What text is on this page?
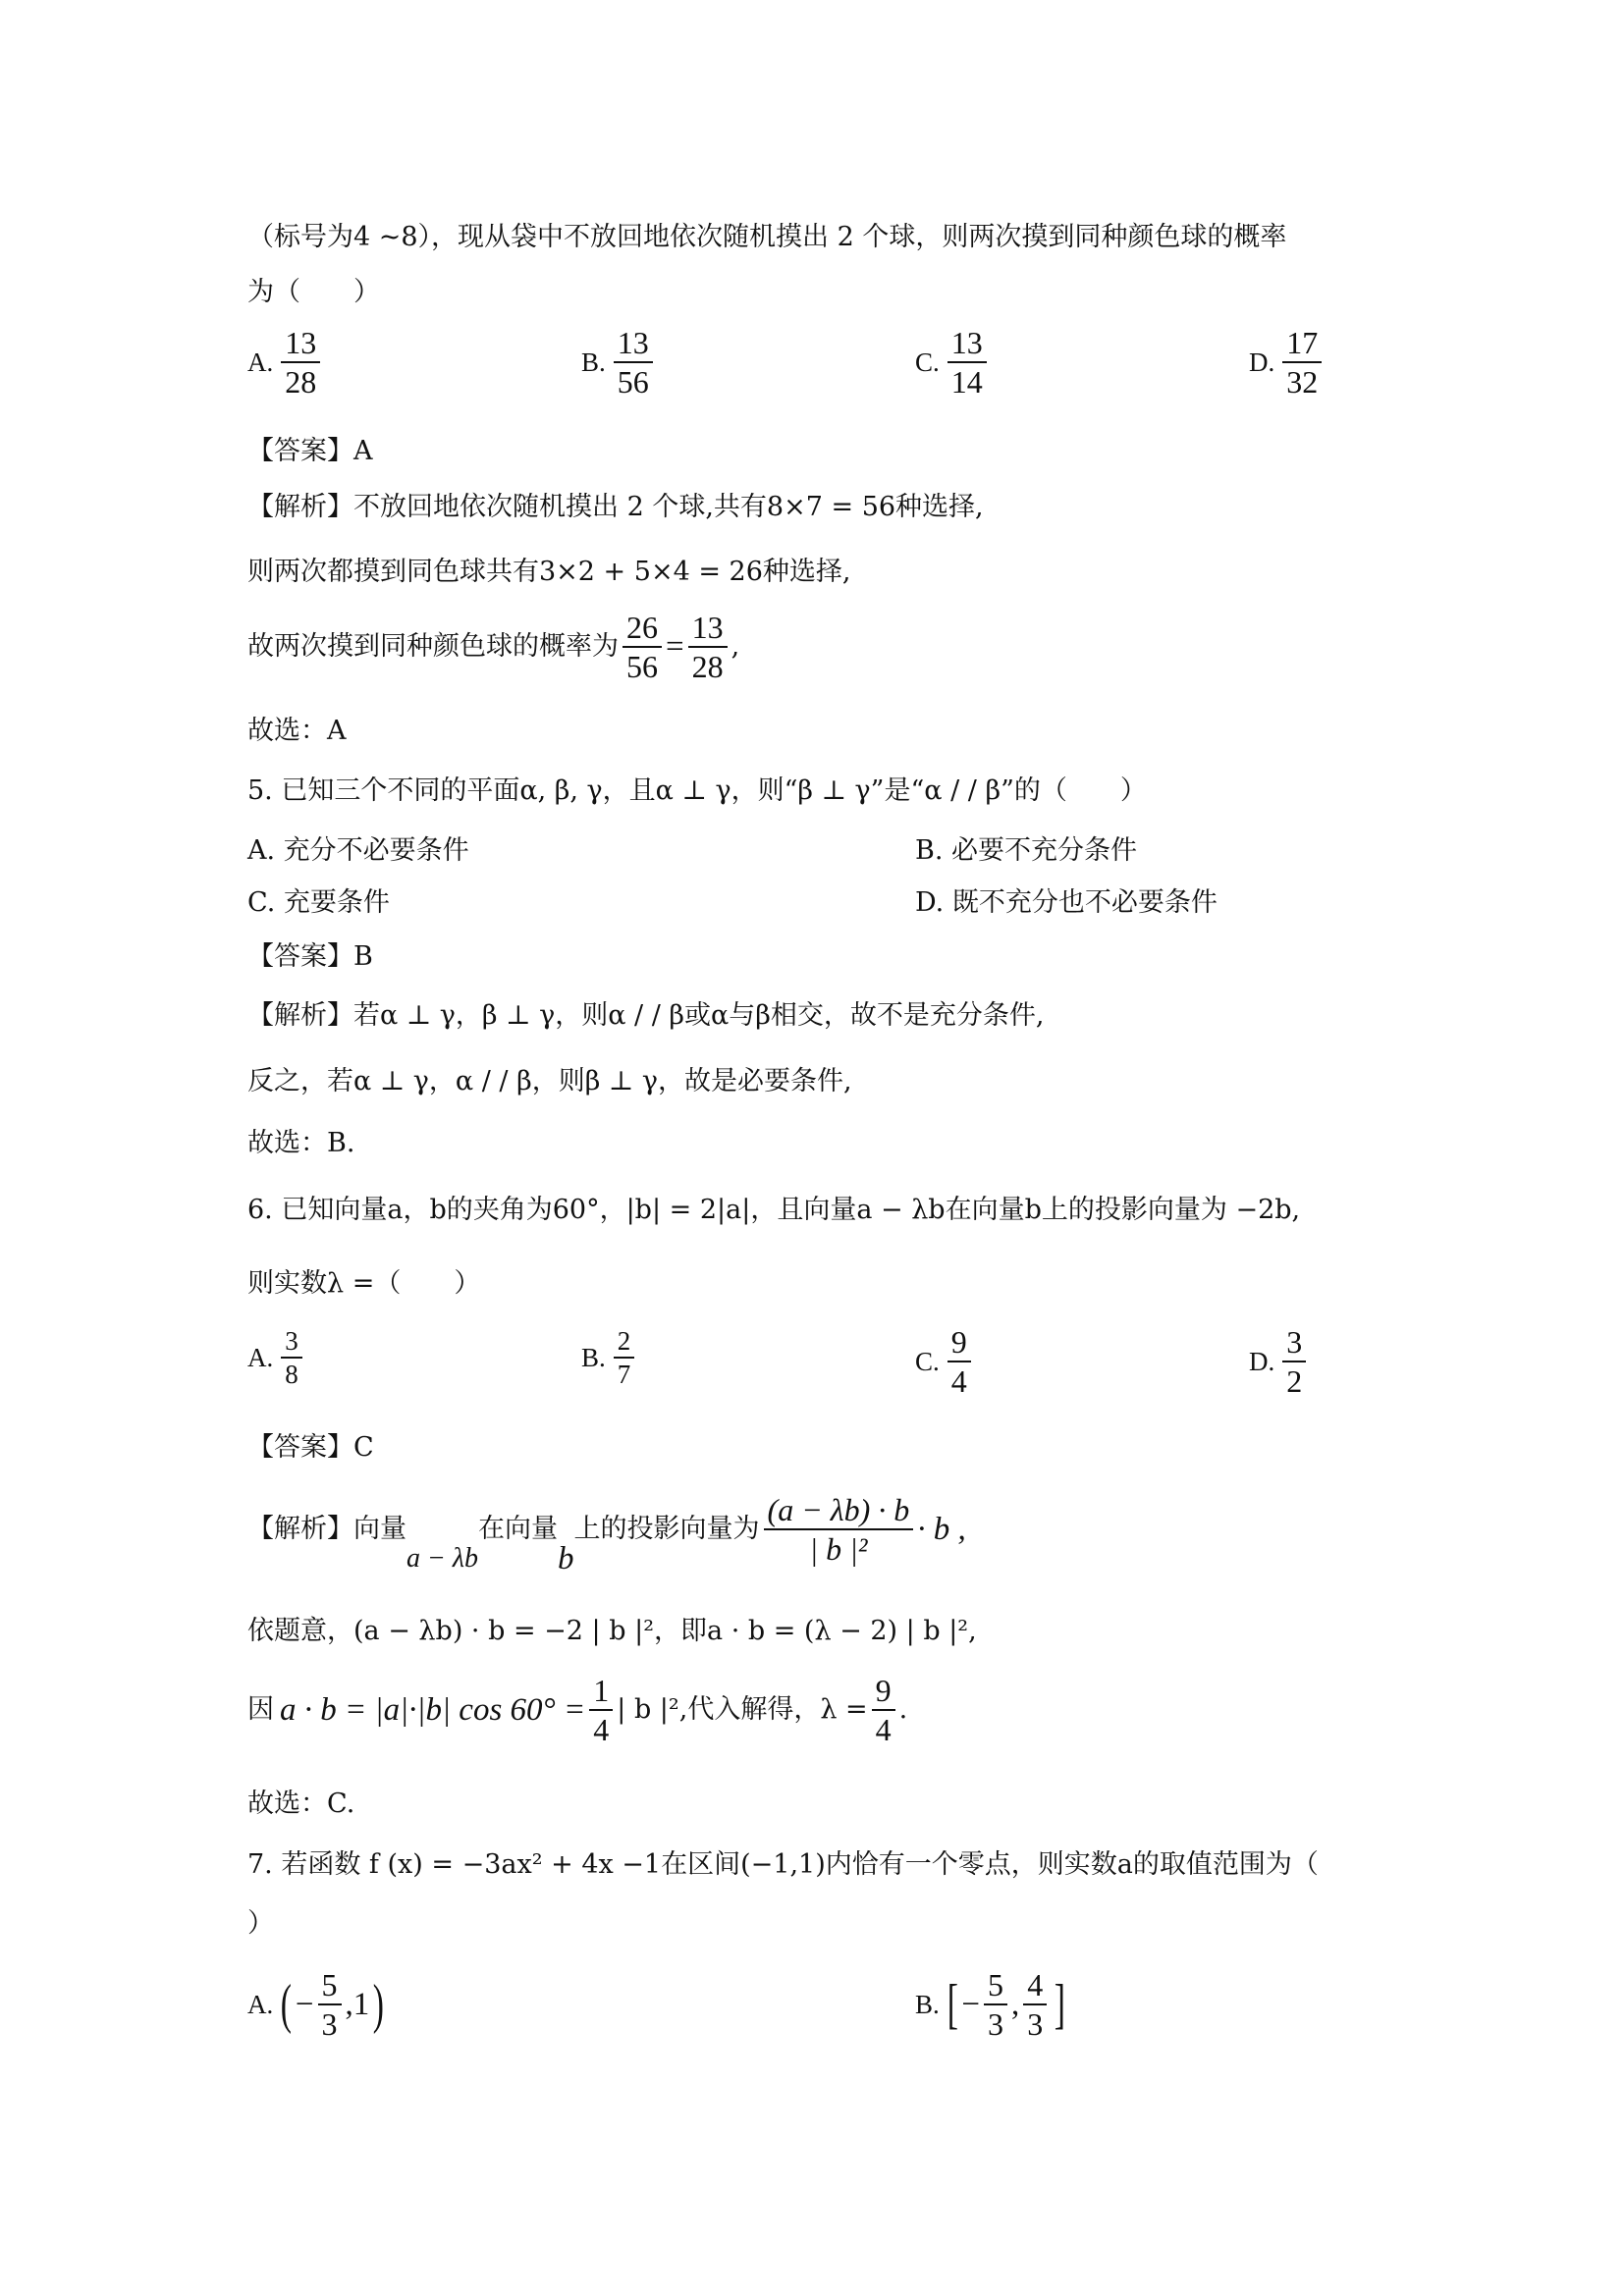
（标号为4 ~8），现从袋中不放回地依次随机摸出 2 个球，则两次摸到同种颜色球的概率
为（　　）
A. $\frac{13}{28}$	B. $\frac{13}{56}$	C. $\frac{13}{14}$	D. $\frac{17}{32}$
【答案】A
【解析】不放回地依次随机摸出 2 个球,共有8×7 = 56种选择,
则两次都摸到同色球共有3×2 + 5×4 = 26种选择,
故两次摸到同种颜色球的概率为 $\frac{26}{56} = \frac{13}{28}$ ,
故选：A
5. 已知三个不同的平面α, β, γ，且α ⊥ γ，则“β ⊥ γ”是“α / / β”的（　　）
A. 充分不必要条件	B. 必要不充分条件
C. 充要条件	D. 既不充分也不必要条件
【答案】B
【解析】若α ⊥ γ，β ⊥ γ，则α / / β或α与β相交，故不是充分条件,
反之，若α ⊥ γ，α / / β，则β ⊥ γ，故是必要条件,
故选：B.
6. 已知向量a，b的夹角为60°，|b| = 2|a|，且向量a − λb在向量b上的投影向量为 −2b,
则实数λ =（　　）
A. $\frac{3}{8}$	B. $\frac{2}{7}$	C. $\frac{9}{4}$	D. $\frac{3}{2}$
【答案】C
【解析】 向量
a − λb
在向量
b
上的投影向量为 $\frac{(a - \lambda b) \cdot b}{\text{| b |²}} \cdot b$ ,
依题意，(a − λb) · b = −2 | b |²，即a · b = (λ − 2) | b |²,
因 a · b = |a|·|b| $\cos 60^\circ = \frac{1}{4}$ | b |²,代入解得，$\lambda = \frac{9}{4}$ .
故选：C.
7. 若函数 f (x) = −3ax² + 4x −1在区间(−1,1)内恰有一个零点，则实数a的取值范围为（
）
A. ( − $\frac{5}{3} ,1$ )	B. [ − $\frac{5}{3}$ , $\frac{4}{3}$ ]
